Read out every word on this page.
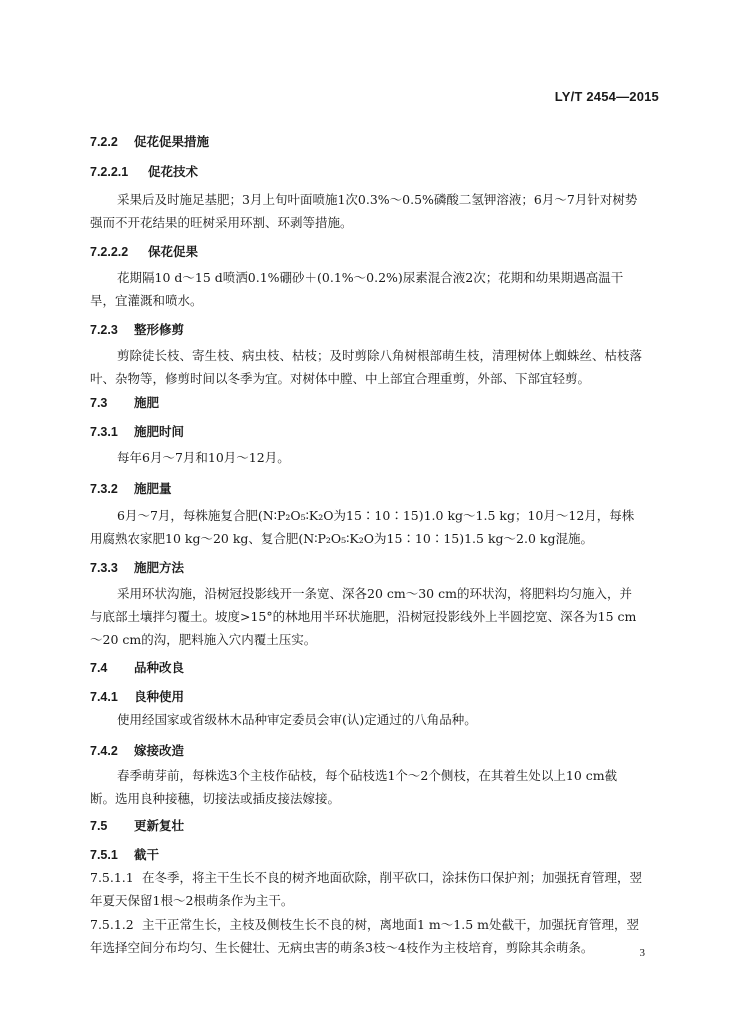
LY/T 2454—2015
7.2.2 促花促果措施
7.2.2.1 促花技术
采果后及时施足基肥；3月上旬叶面喷施1次0.3%～0.5%磷酸二氢钾溶液；6月～7月针对树势强而不开花结果的旺树采用环割、环剥等措施。
7.2.2.2 保花促果
花期隔10 d～15 d喷洒0.1%硼砂＋(0.1%～0.2%)尿素混合液2次；花期和幼果期遇高温干旱，宜灌溉和喷水。
7.2.3 整形修剪
剪除徒长枝、寄生枝、病虫枝、枯枝；及时剪除八角树根部萌生枝，清理树体上蜘蛛丝、枯枝落叶、杂物等，修剪时间以冬季为宜。对树体中膛、中上部宜合理重剪，外部、下部宜轻剪。
7.3 施肥
7.3.1 施肥时间
每年6月～7月和10月～12月。
7.3.2 施肥量
6月～7月，每株施复合肥(N∶P₂O₅∶K₂O为15∶10∶15)1.0 kg～1.5 kg；10月～12月，每株用腐熟农家肥10 kg～20 kg、复合肥(N∶P₂O₅∶K₂O为15∶10∶15)1.5 kg～2.0 kg混施。
7.3.3 施肥方法
采用环状沟施，沿树冠投影线开一条宽、深各20 cm～30 cm的环状沟，将肥料均匀施入，并与底部土壤拌匀覆土。坡度>15°的林地用半环状施肥，沿树冠投影线外上半圆挖宽、深各为15 cm～20 cm的沟，肥料施入穴内覆土压实。
7.4 品种改良
7.4.1 良种使用
使用经国家或省级林木品种审定委员会审(认)定通过的八角品种。
7.4.2 嫁接改造
春季萌芽前，每株选3个主枝作砧枝，每个砧枝选1个～2个侧枝，在其着生处以上10 cm截断。选用良种接穗，切接法或插皮接法嫁接。
7.5 更新复壮
7.5.1 截干
7.5.1.1 在冬季，将主干生长不良的树齐地面砍除，削平砍口，涂抹伤口保护剂；加强抚育管理，翌年夏天保留1根～2根萌条作为主干。
7.5.1.2 主干正常生长，主枝及侧枝生长不良的树，离地面1 m～1.5 m处截干，加强抚育管理，翌年选择空间分布均匀、生长健壮、无病虫害的萌条3枝～4枝作为主枝培育，剪除其余萌条。	3
